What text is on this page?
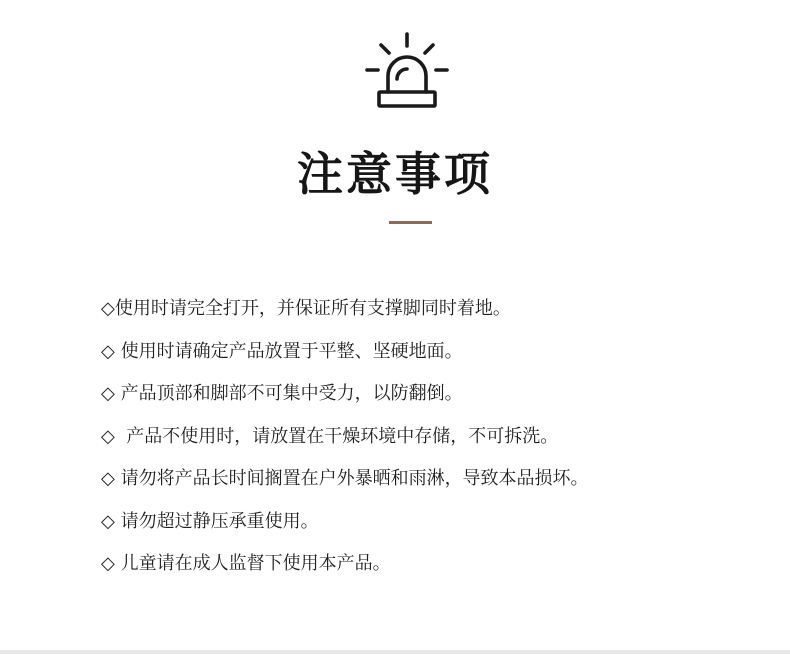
注意事项
◇使用时请完全打开，并保证所有支撑脚同时着地。
◇ 使用时请确定产品放置于平整、坚硬地面。
◇ 产品顶部和脚部不可集中受力，以防翻倒。
◇  产品不使用时，请放置在干燥环境中存储，不可拆洗。
◇ 请勿将产品长时间搁置在户外暴晒和雨淋，导致本品损坏。
◇ 请勿超过静压承重使用。
◇ 儿童请在成人监督下使用本产品。
